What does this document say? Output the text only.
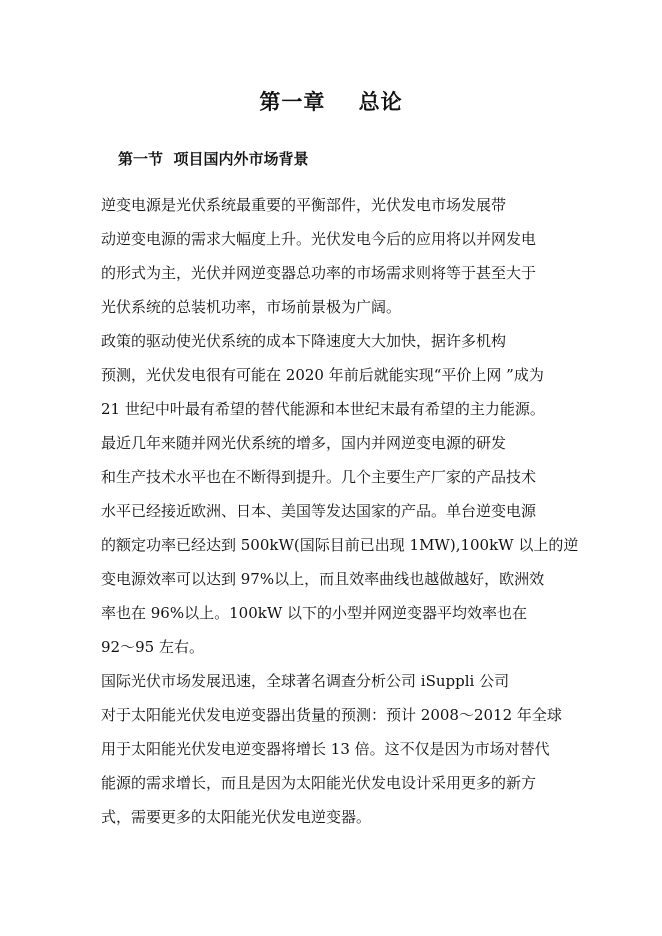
第一章    总论
第一节  项目国内外市场背景
逆变电源是光伏系统最重要的平衡部件，光伏发电市场发展带
动逆变电源的需求大幅度上升。光伏发电今后的应用将以并网发电
的形式为主，光伏并网逆变器总功率的市场需求则将等于甚至大于
光伏系统的总装机功率，市场前景极为广阔。
政策的驱动使光伏系统的成本下降速度大大加快，据许多机构
预测，光伏发电很有可能在 2020 年前后就能实现“平价上网 ”成为
21 世纪中叶最有希望的替代能源和本世纪末最有希望的主力能源。
最近几年来随并网光伏系统的增多，国内并网逆变电源的研发
和生产技术水平也在不断得到提升。几个主要生产厂家的产品技术
水平已经接近欧洲、日本、美国等发达国家的产品。单台逆变电源
的额定功率已经达到 500kW(国际目前已出现 1MW),100kW 以上的逆
变电源效率可以达到 97%以上，而且效率曲线也越做越好，欧洲效
率也在 96%以上。100kW 以下的小型并网逆变器平均效率也在
92～95 左右。
国际光伏市场发展迅速，全球著名调查分析公司 iSuppli 公司
对于太阳能光伏发电逆变器出货量的预测：预计 2008～2012 年全球
用于太阳能光伏发电逆变器将增长 13 倍。这不仅是因为市场对替代
能源的需求增长，而且是因为太阳能光伏发电设计采用更多的新方
式，需要更多的太阳能光伏发电逆变器。
